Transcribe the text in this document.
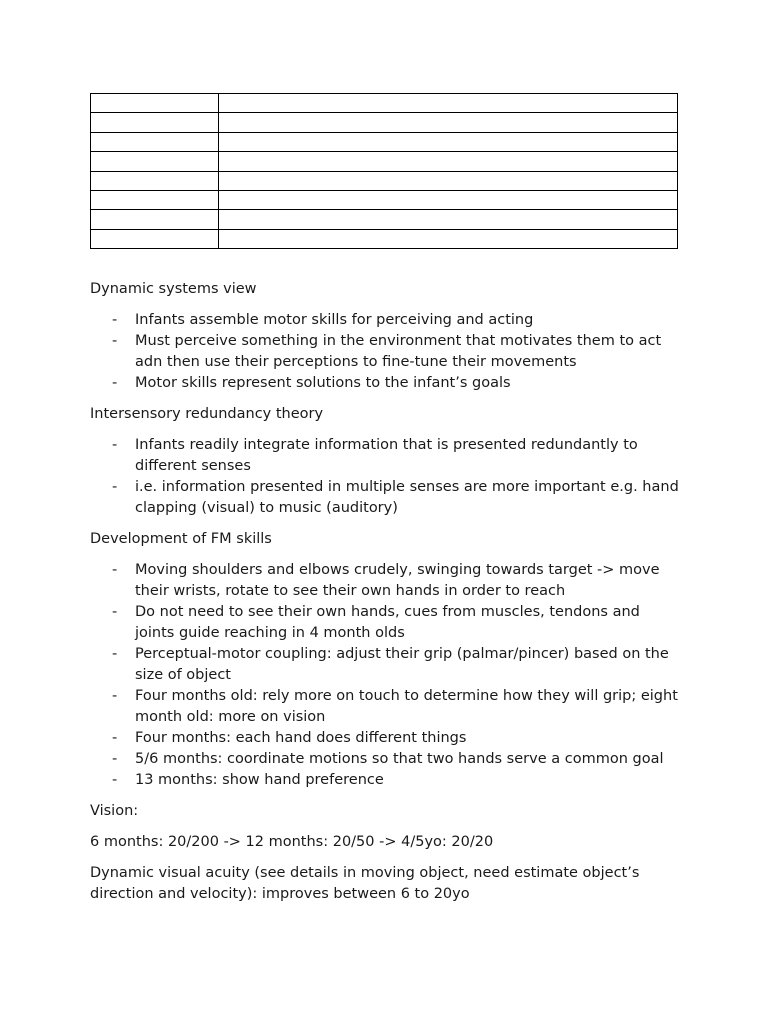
Dynamic systems view

- Infants assemble motor skills for perceiving and acting
- Must perceive something in the environment that motivates them to act adn then use their perceptions to fine-tune their movements
- Motor skills represent solutions to the infant’s goals

Intersensory redundancy theory

- Infants readily integrate information that is presented redundantly to different senses
- i.e. information presented in multiple senses are more important e.g. hand clapping (visual) to music (auditory)

Development of FM skills

- Moving shoulders and elbows crudely, swinging towards target -> move their wrists, rotate to see their own hands in order to reach
- Do not need to see their own hands, cues from muscles, tendons and joints guide reaching in 4 month olds
- Perceptual-motor coupling: adjust their grip (palmar/pincer) based on the size of object
- Four months old: rely more on touch to determine how they will grip; eight month old: more on vision
- Four months: each hand does different things
- 5/6 months: coordinate motions so that two hands serve a common goal
- 13 months: show hand preference

Vision:

6 months: 20/200 -> 12 months: 20/50 -> 4/5yo: 20/20

Dynamic visual acuity (see details in moving object, need estimate object’s direction and velocity): improves between 6 to 20yo
